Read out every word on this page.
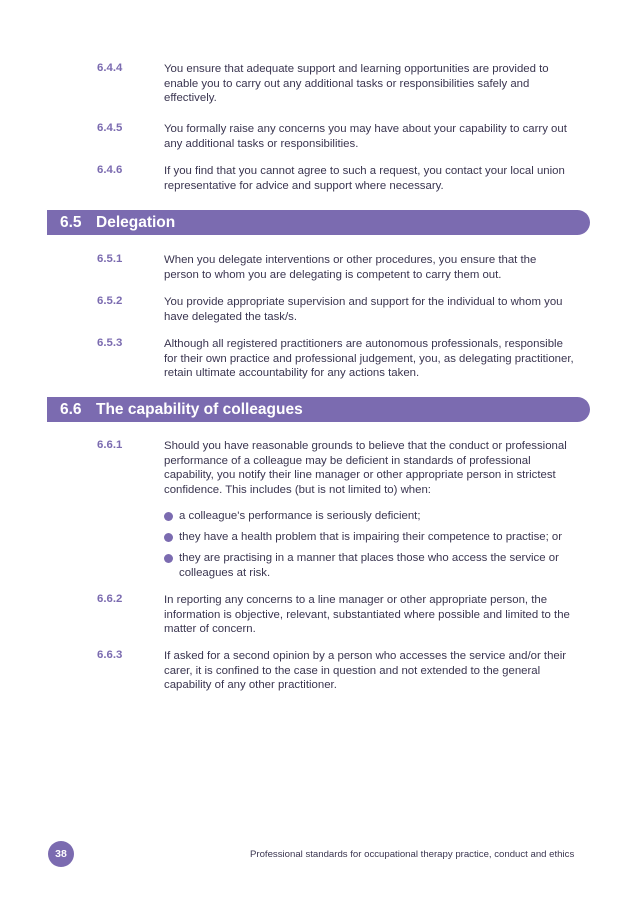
6.4.4	You ensure that adequate support and learning opportunities are provided to enable you to carry out any additional tasks or responsibilities safely and effectively.

6.4.5	You formally raise any concerns you may have about your capability to carry out any additional tasks or responsibilities.

6.4.6	If you find that you cannot agree to such a request, you contact your local union representative for advice and support where necessary.

6.5 Delegation
6.5.1	When you delegate interventions or other procedures, you ensure that the person to whom you are delegating is competent to carry them out.

6.5.2	You provide appropriate supervision and support for the individual to whom you have delegated the task/s.

6.5.3	Although all registered practitioners are autonomous professionals, responsible for their own practice and professional judgement, you, as delegating practitioner, retain ultimate accountability for any actions taken.

6.6 The capability of colleagues
6.6.1	Should you have reasonable grounds to believe that the conduct or professional performance of a colleague may be deficient in standards of professional capability, you notify their line manager or other appropriate person in strictest confidence. This includes (but is not limited to) when:

a colleague's performance is seriously deficient;
they have a health problem that is impairing their competence to practise; or
they are practising in a manner that places those who access the service or colleagues at risk.
6.6.2	In reporting any concerns to a line manager or other appropriate person, the information is objective, relevant, substantiated where possible and limited to the matter of concern.

6.6.3	If asked for a second opinion by a person who accesses the service and/or their carer, it is confined to the case in question and not extended to the general capability of any other practitioner.

38	Professional standards for occupational therapy practice, conduct and ethics
